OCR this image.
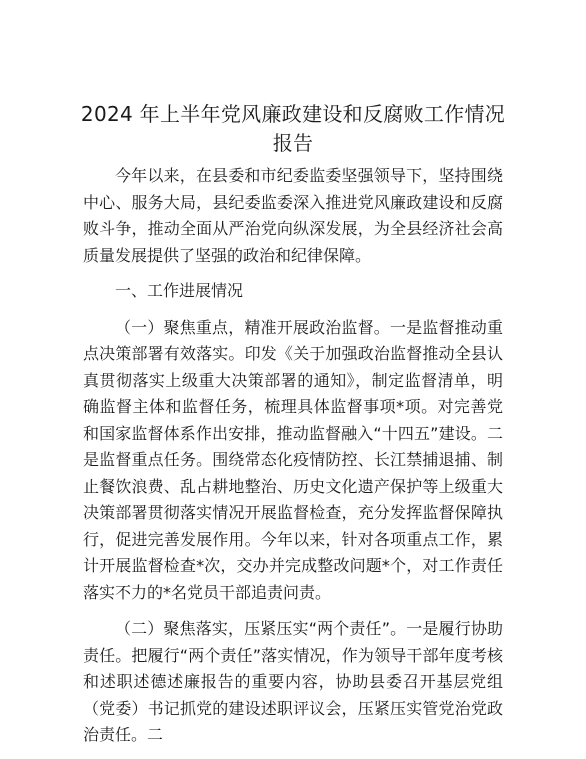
2024 年上半年党风廉政建设和反腐败工作情况
报告

今年以来，在县委和市纪委监委坚强领导下，坚持围绕中心、服务大局，县纪委监委深入推进党风廉政建设和反腐败斗争，推动全面从严治党向纵深发展，为全县经济社会高质量发展提供了坚强的政治和纪律保障。

一、工作进展情况

（一）聚焦重点，精准开展政治监督。一是监督推动重点决策部署有效落实。印发《关于加强政治监督推动全县认真贯彻落实上级重大决策部署的通知》，制定监督清单，明确监督主体和监督任务，梳理具体监督事项*项。对完善党和国家监督体系作出安排，推动监督融入“十四五”建设。二是监督重点任务。围绕常态化疫情防控、长江禁捕退捕、制止餐饮浪费、乱占耕地整治、历史文化遗产保护等上级重大决策部署贯彻落实情况开展监督检查，充分发挥监督保障执行，促进完善发展作用。今年以来，针对各项重点工作，累计开展监督检查*次，交办并完成整改问题*个，对工作责任落实不力的*名党员干部追责问责。

（二）聚焦落实，压紧压实“两个责任”。一是履行协助责任。把履行“两个责任”落实情况，作为领导干部年度考核和述职述德述廉报告的重要内容，协助县委召开基层党组（党委）书记抓党的建设述职评议会，压紧压实管党治党政治责任。二
